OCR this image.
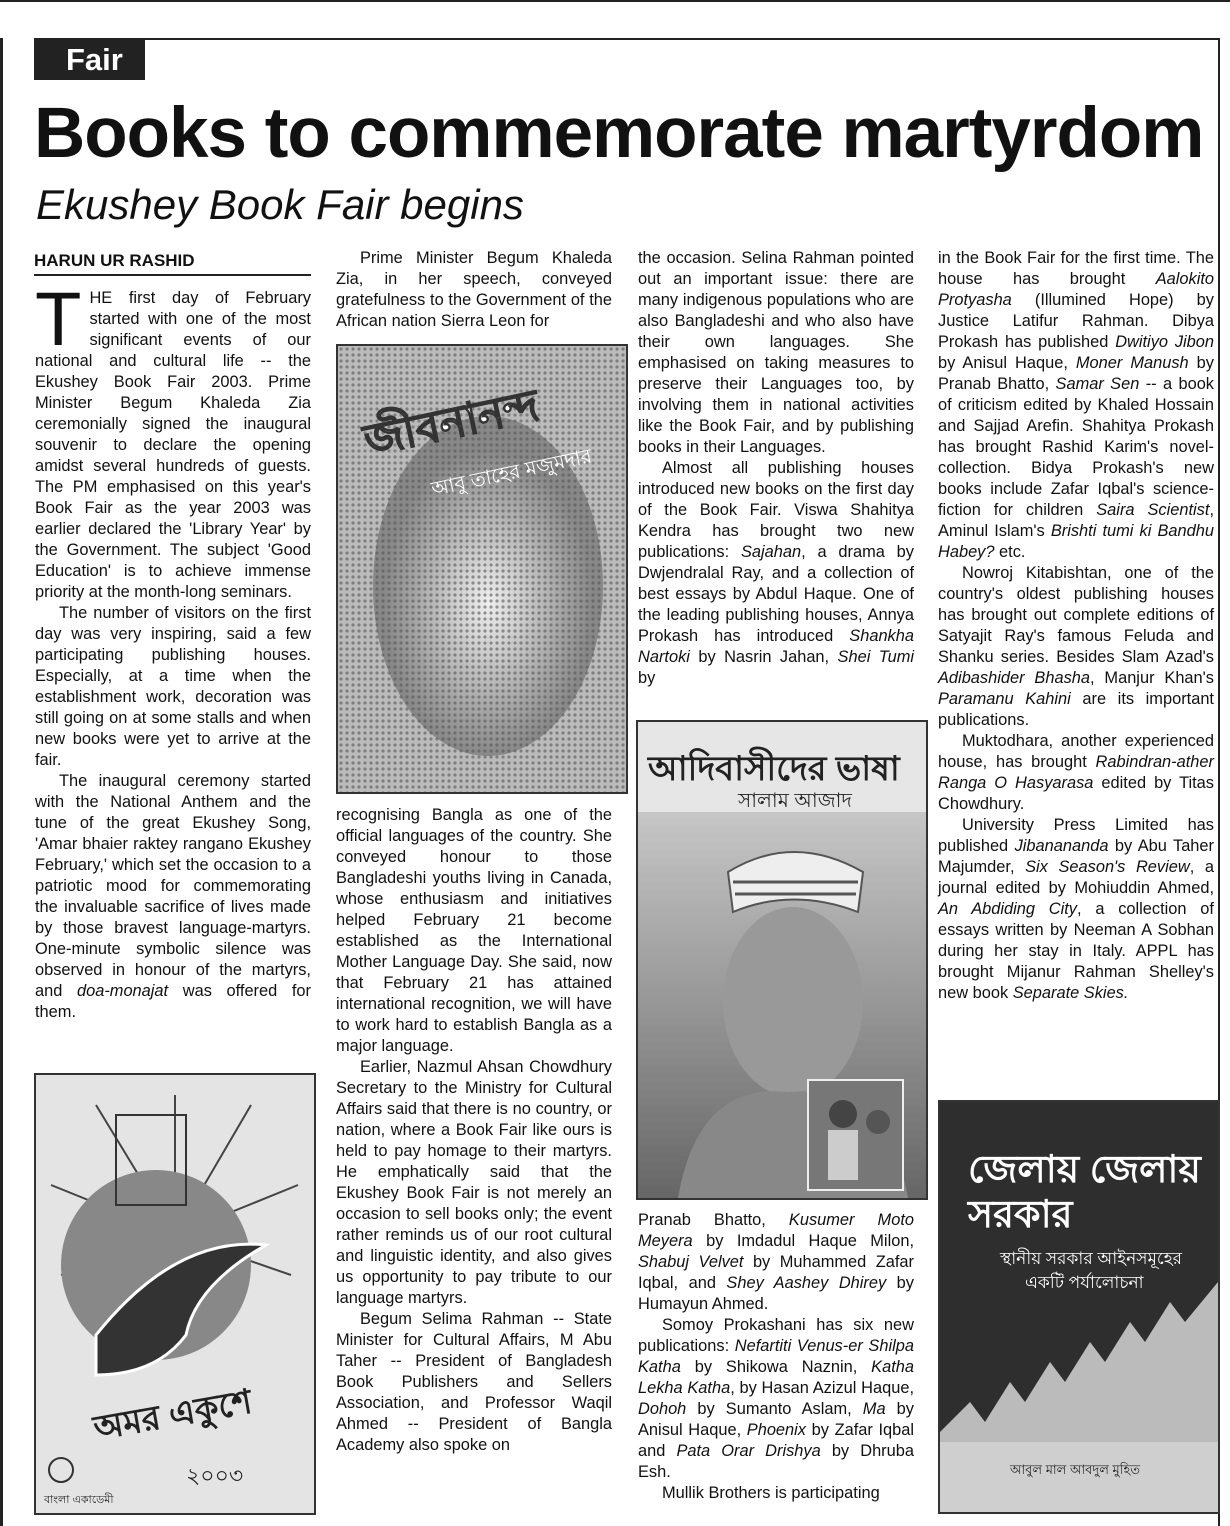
Fair
Books to commemorate martyrdom
Ekushey Book Fair begins
HARUN UR RASHID

THE first day of February started with one of the most significant events of our national and cultural life -- the Ekushey Book Fair 2003. Prime Minister Begum Khaleda Zia ceremonially signed the inaugural souvenir to declare the opening amidst several hundreds of guests. The PM emphasised on this year's Book Fair as the year 2003 was earlier declared the 'Library Year' by the Government. The subject 'Good Education' is to achieve immense priority at the month-long seminars.

The number of visitors on the first day was very inspiring, said a few participating publishing houses. Especially, at a time when the establishment work, decoration was still going on at some stalls and when new books were yet to arrive at the fair.

The inaugural ceremony started with the National Anthem and the tune of the great Ekushey Song, 'Amar bhaier raktey rangano Ekushey February,' which set the occasion to a patriotic mood for commemorating the invaluable sacrifice of lives made by those bravest language-martyrs. One-minute symbolic silence was observed in honour of the martyrs, and doa-monajat was offered for them.

Prime Minister Begum Khaleda Zia, in her speech, conveyed gratefulness to the Government of the African nation Sierra Leon for

recognising Bangla as one of the official languages of the country. She conveyed honour to those Bangladeshi youths living in Canada, whose enthusiasm and initiatives helped February 21 become established as the International Mother Language Day. She said, now that February 21 has attained international recognition, we will have to work hard to establish Bangla as a major language.

Earlier, Nazmul Ahsan Chowdhury Secretary to the Ministry for Cultural Affairs said that there is no country, or nation, where a Book Fair like ours is held to pay homage to their martyrs. He emphatically said that the Ekushey Book Fair is not merely an occasion to sell books only; the event rather reminds us of our root cultural and linguistic identity, and also gives us opportunity to pay tribute to our language martyrs.

Begum Selima Rahman -- State Minister for Cultural Affairs, M Abu Taher -- President of Bangladesh Book Publishers and Sellers Association, and Professor Waqil Ahmed -- President of Bangla Academy also spoke on

the occasion. Selina Rahman pointed out an important issue: there are many indigenous populations who are also Bangladeshi and who also have their own languages. She emphasised on taking measures to preserve their Languages too, by involving them in national activities like the Book Fair, and by publishing books in their Languages.

Almost all publishing houses introduced new books on the first day of the Book Fair. Viswa Shahitya Kendra has brought two new publications: Sajahan, a drama by Dwjendralal Ray, and a collection of best essays by Abdul Haque. One of the leading publishing houses, Annya Prokash has introduced Shankha Nartoki by Nasrin Jahan, Shei Tumi by

Pranab Bhatto, Kusumer Moto Meyera by Imdadul Haque Milon, Shabuj Velvet by Muhammed Zafar Iqbal, and Shey Aashey Dhirey by Humayun Ahmed.

Somoy Prokashani has six new publications: Nefartiti Venus-er Shilpa Katha by Shikowa Naznin, Katha Lekha Katha, by Hasan Azizul Haque, Dohoh by Sumanto Aslam, Ma by Anisul Haque, Phoenix by Zafar Iqbal and Pata Orar Drishya by Dhruba Esh.

Mullik Brothers is participating

in the Book Fair for the first time. The house has brought Aalokito Protyasha (Illumined Hope) by Justice Latifur Rahman. Dibya Prokash has published Dwitiyo Jibon by Anisul Haque, Moner Manush by Pranab Bhatto, Samar Sen -- a book of criticism edited by Khaled Hossain and Sajjad Arefin. Shahitya Prokash has brought Rashid Karim's novel-collection. Bidya Prokash's new books include Zafar Iqbal's science-fiction for children Saira Scientist, Aminul Islam's Brishti tumi ki Bandhu Habey? etc.

Nowroj Kitabishtan, one of the country's oldest publishing houses has brought out complete editions of Satyajit Ray's famous Feluda and Shanku series. Besides Slam Azad's Adibashider Bhasha, Manjur Khan's Paramanu Kahini are its important publications.

Muktodhara, another experienced house, has brought Rabindran-ather Ranga O Hasyarasa edited by Titas Chowdhury.

University Press Limited has published Jibanananda by Abu Taher Majumder, Six Season's Review, a journal edited by Mohiuddin Ahmed, An Abdiding City, a collection of essays written by Neeman A Sobhan during her stay in Italy. APPL has brought Mijanur Rahman Shelley's new book Separate Skies.

জীবনানন্দ
আবু তাহের মজুমদার
আদিবাসীদের ভাষা
সালাম আজাদ
অমর একুশে
২০০৩
বাংলা একাডেমী
জেলায় জেলায়
সরকার
স্থানীয় সরকার আইনসমূহের
একটি পর্যালোচনা
আবুল মাল আবদুল মুহিত
